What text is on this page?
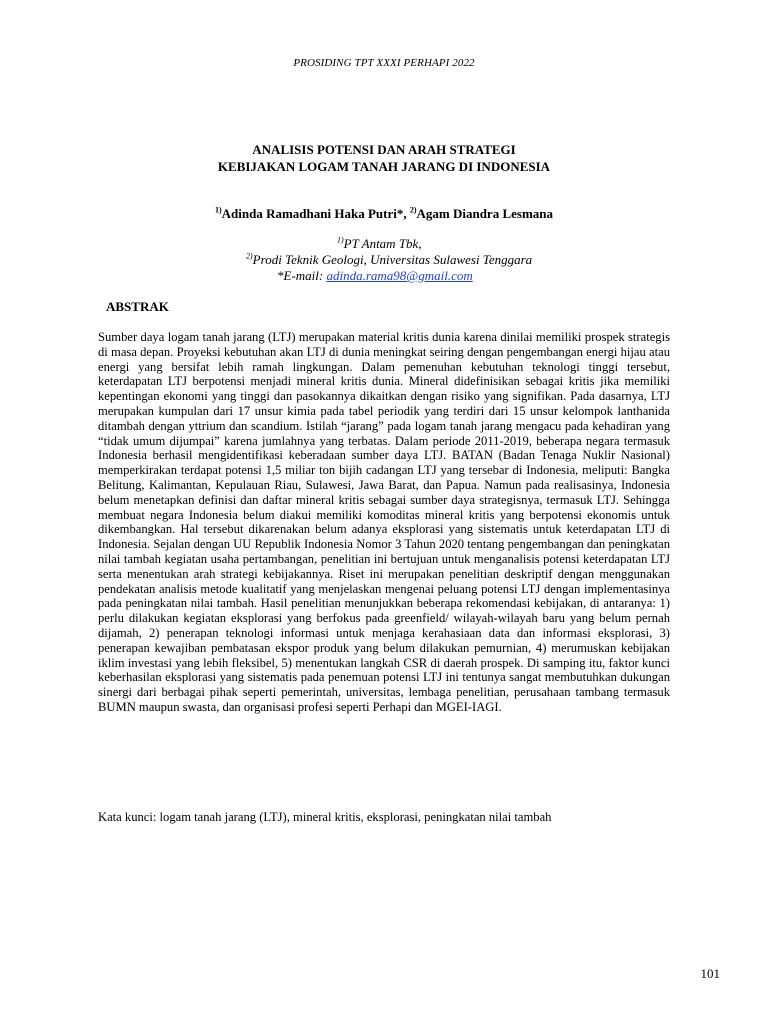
PROSIDING TPT XXXI PERHAPI 2022
ANALISIS POTENSI DAN ARAH STRATEGI
KEBIJAKAN LOGAM TANAH JARANG DI INDONESIA
$^{1)}$Adinda Ramadhani Haka Putri*, $^{2)}$Agam Diandra Lesmana
$^{1)}$PT Antam Tbk,
$^{2)}$Prodi Teknik Geologi, Universitas Sulawesi Tenggara
*E-mail: adinda.rama98@gmail.com
ABSTRAK

Sumber daya logam tanah jarang (LTJ) merupakan material kritis dunia karena dinilai memiliki prospek strategis di masa depan. Proyeksi kebutuhan akan LTJ di dunia meningkat seiring dengan pengembangan energi hijau atau energi yang bersifat lebih ramah lingkungan. Dalam pemenuhan kebutuhan teknologi tinggi tersebut, keterdapatan LTJ berpotensi menjadi mineral kritis dunia. Mineral didefinisikan sebagai kritis jika memiliki kepentingan ekonomi yang tinggi dan pasokannya dikaitkan dengan risiko yang signifikan. Pada dasarnya, LTJ merupakan kumpulan dari 17 unsur kimia pada tabel periodik yang terdiri dari 15 unsur kelompok lanthanida ditambah dengan yttrium dan scandium. Istilah “jarang” pada logam tanah jarang mengacu pada kehadiran yang “tidak umum dijumpai” karena jumlahnya yang terbatas. Dalam periode 2011-2019, beberapa negara termasuk Indonesia berhasil mengidentifikasi keberadaan sumber daya LTJ. BATAN (Badan Tenaga Nuklir Nasional) memperkirakan terdapat potensi 1,5 miliar ton bijih cadangan LTJ yang tersebar di Indonesia, meliputi: Bangka Belitung, Kalimantan, Kepulauan Riau, Sulawesi, Jawa Barat, dan Papua. Namun pada realisasinya, Indonesia belum menetapkan definisi dan daftar mineral kritis sebagai sumber daya strategisnya, termasuk LTJ. Sehingga membuat negara Indonesia belum diakui memiliki komoditas mineral kritis yang berpotensi ekonomis untuk dikembangkan. Hal tersebut dikarenakan belum adanya eksplorasi yang sistematis untuk keterdapatan LTJ di Indonesia. Sejalan dengan UU Republik Indonesia Nomor 3 Tahun 2020 tentang pengembangan dan peningkatan nilai tambah kegiatan usaha pertambangan, penelitian ini bertujuan untuk menganalisis potensi keterdapatan LTJ serta menentukan arah strategi kebijakannya. Riset ini merupakan penelitian deskriptif dengan menggunakan pendekatan analisis metode kualitatif yang menjelaskan mengenai peluang potensi LTJ dengan implementasinya pada peningkatan nilai tambah. Hasil penelitian menunjukkan beberapa rekomendasi kebijakan, di antaranya: 1) perlu dilakukan kegiatan eksplorasi yang berfokus pada greenfield/ wilayah-wilayah baru yang belum pernah dijamah, 2) penerapan teknologi informasi untuk menjaga kerahasiaan data dan informasi eksplorasi, 3) penerapan kewajiban pembatasan ekspor produk yang belum dilakukan pemurnian, 4) merumuskan kebijakan iklim investasi yang lebih fleksibel, 5) menentukan langkah CSR di daerah prospek. Di samping itu, faktor kunci keberhasilan eksplorasi yang sistematis pada penemuan potensi LTJ ini tentunya sangat membutuhkan dukungan sinergi dari berbagai pihak seperti pemerintah, universitas, lembaga penelitian, perusahaan tambang termasuk BUMN maupun swasta, dan organisasi profesi seperti Perhapi dan MGEI-IAGI.

Kata kunci: logam tanah jarang (LTJ), mineral kritis, eksplorasi, peningkatan nilai tambah
101
